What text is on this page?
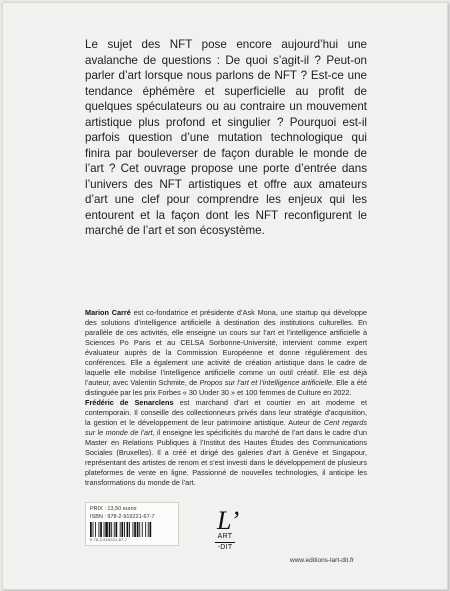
Le sujet des NFT pose encore aujourd’hui une avalanche de questions : De quoi s’agit-il ? Peut-on parler d’art lorsque nous parlons de NFT ? Est-ce une tendance éphémère et superficielle au profit de quelques spéculateurs ou au contraire un mouvement artistique plus profond et singulier ? Pourquoi est-il parfois question d’une mutation technologique qui finira par bouleverser de façon durable le monde de l’art ? Cet ouvrage propose une porte d’entrée dans l’univers des NFT artistiques et offre aux amateurs d’art une clef pour comprendre les enjeux qui les entourent et la façon dont les NFT reconfigurent le marché de l’art et son écosystème.

Marion Carré est co-fondatrice et présidente d’Ask Mona, une startup qui développe des solutions d’intelligence artificielle à destination des institutions culturelles. En parallèle de ces activités, elle enseigne un cours sur l’art et l’intelligence artificielle à Sciences Po Paris et au CELSA Sorbonne-Université, intervient comme expert évaluateur auprès de la Commission Européenne et donne régulièrement des conférences. Elle a également une activité de création artistique dans le cadre de laquelle elle mobilise l’intelligence artificielle comme un outil créatif. Elle est déjà l’auteur, avec Valentin Schmite, de Propos sur l’art et l’intelligence artificielle. Elle a été distinguée par les prix Forbes « 30 Under 30 » et 100 femmes de Culture en 2022.

Frédéric de Senarclens est marchand d’art et courtier en art moderne et contemporain. Il conseille des collectionneurs privés dans leur stratégie d’acquisition, la gestion et le développement de leur patrimoine artistique. Auteur de Cent regards sur le monde de l’art, il enseigne les spécificités du marché de l’art dans le cadre d’un Master en Relations Publiques à l’Institut des Hautes Études des Communications Sociales (Bruxelles). Il a créé et dirigé des galeries d’art à Genève et Singapour, représentant des artistes de renom et s’est investi dans le développement de plusieurs plateformes de vente en ligne. Passionné de nouvelles technologies, il anticipe les transformations du monde de l’art.

PRIX : 13,50 euros

ISBN : 978-2-919221-67-7

9 78-2-919221-67-7

L’

ART

-DIT

www.editions-lart-dit.fr
